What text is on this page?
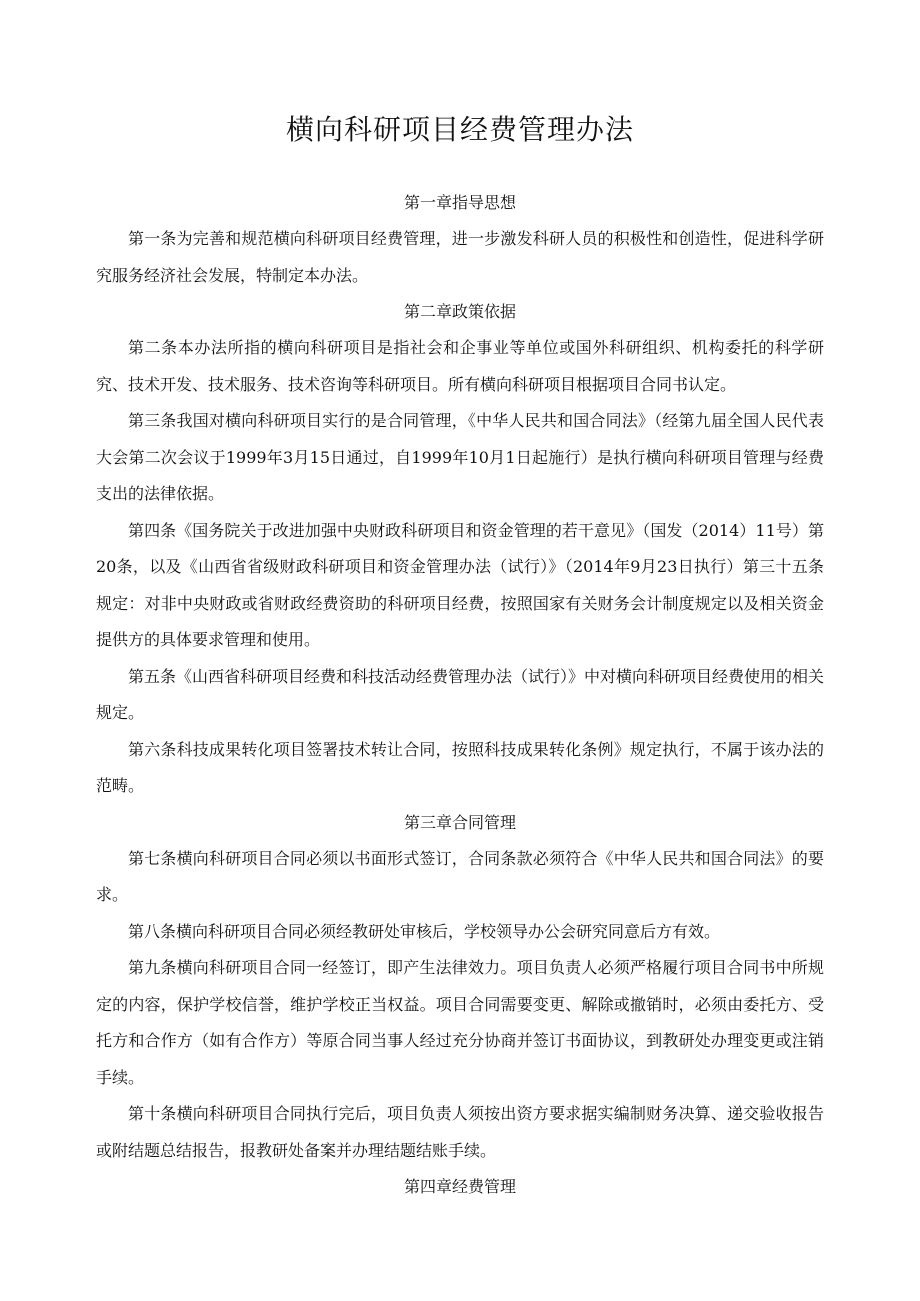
横向科研项目经费管理办法

第一章指导思想

第一条为完善和规范横向科研项目经费管理，进一步激发科研人员的积极性和创造性，促进科学研究服务经济社会发展，特制定本办法。

第二章政策依据

第二条本办法所指的横向科研项目是指社会和企事业等单位或国外科研组织、机构委托的科学研究、技术开发、技术服务、技术咨询等科研项目。所有横向科研项目根据项目合同书认定。

第三条我国对横向科研项目实行的是合同管理，《中华人民共和国合同法》（经第九届全国人民代表大会第二次会议于1999年3月15日通过，自1999年10月1日起施行）是执行横向科研项目管理与经费支出的法律依据。

第四条《国务院关于改进加强中央财政科研项目和资金管理的若干意见》（国发（2014）11号）第20条，以及《山西省省级财政科研项目和资金管理办法（试行）》（2014年9月23日执行）第三十五条规定：对非中央财政或省财政经费资助的科研项目经费，按照国家有关财务会计制度规定以及相关资金提供方的具体要求管理和使用。

第五条《山西省科研项目经费和科技活动经费管理办法（试行）》中对横向科研项目经费使用的相关规定。

第六条科技成果转化项目签署技术转让合同，按照科技成果转化条例》规定执行，不属于该办法的范畴。

第三章合同管理

第七条横向科研项目合同必须以书面形式签订，合同条款必须符合《中华人民共和国合同法》的要求。

第八条横向科研项目合同必须经教研处审核后，学校领导办公会研究同意后方有效。

第九条横向科研项目合同一经签订，即产生法律效力。项目负责人必须严格履行项目合同书中所规定的内容，保护学校信誉，维护学校正当权益。项目合同需要变更、解除或撤销时，必须由委托方、受托方和合作方（如有合作方）等原合同当事人经过充分协商并签订书面协议，到教研处办理变更或注销手续。

第十条横向科研项目合同执行完后，项目负责人须按出资方要求据实编制财务决算、递交验收报告或附结题总结报告，报教研处备案并办理结题结账手续。

第四章经费管理
